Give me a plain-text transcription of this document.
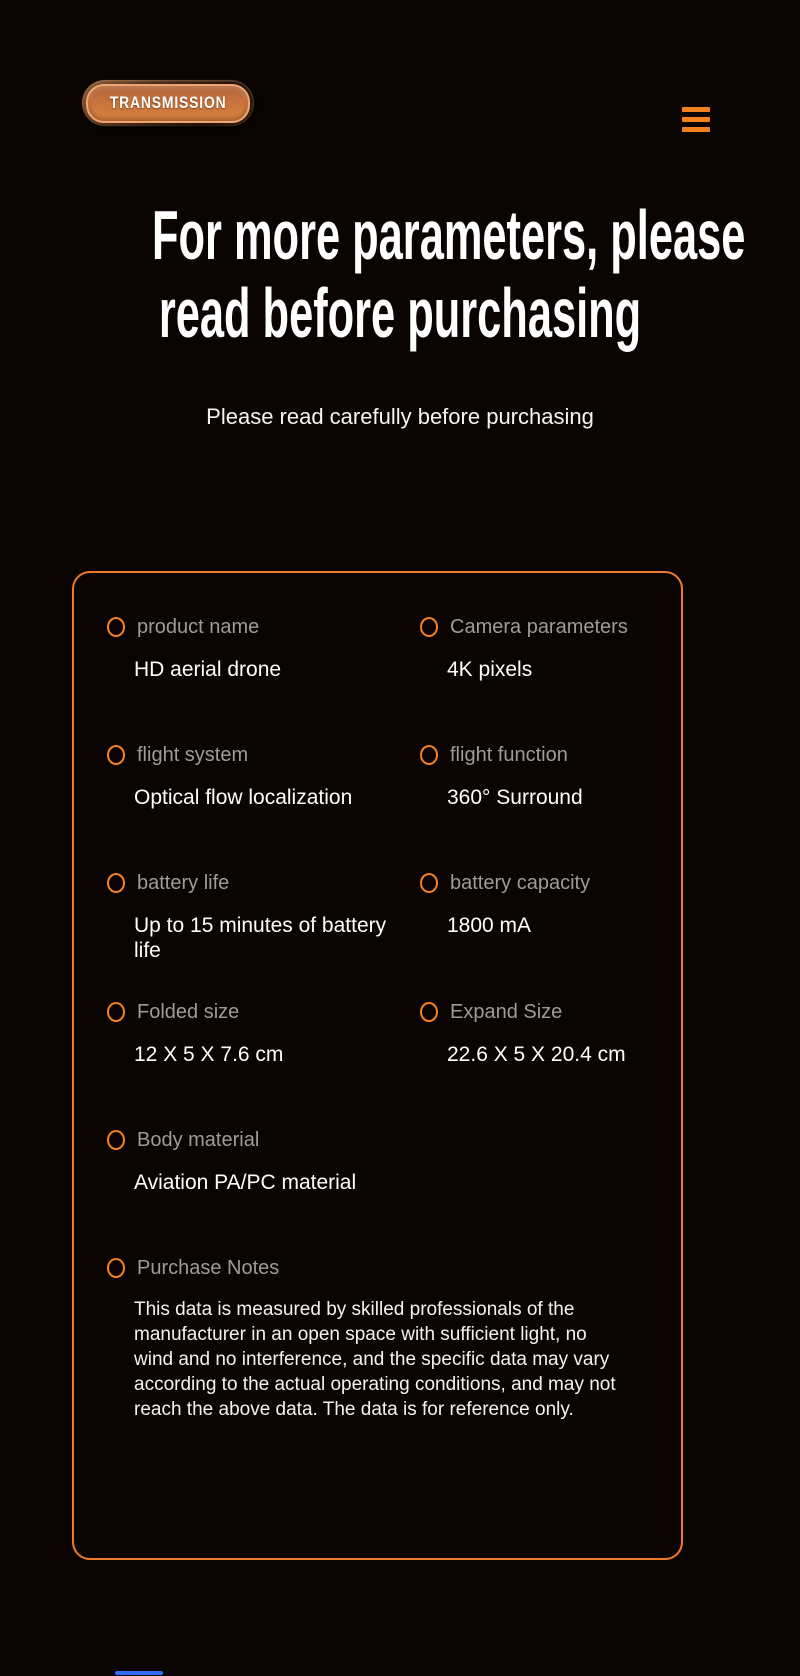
TRANSMISSION
For more parameters, please
read before purchasing
Please read carefully before purchasing
product name
HD aerial drone
Camera parameters
4K pixels
flight system
Optical flow localization
flight function
360° Surround
battery life
Up to 15 minutes of battery life
battery capacity
1800 mA
Folded size
12 X 5 X 7.6 cm
Expand Size
22.6 X 5 X 20.4 cm
Body material
Aviation PA/PC material
Purchase Notes
This data is measured by skilled professionals of the manufacturer in an open space with sufficient light, no wind and no interference, and the specific data may vary according to the actual operating conditions, and may not reach the above data. The data is for reference only.
